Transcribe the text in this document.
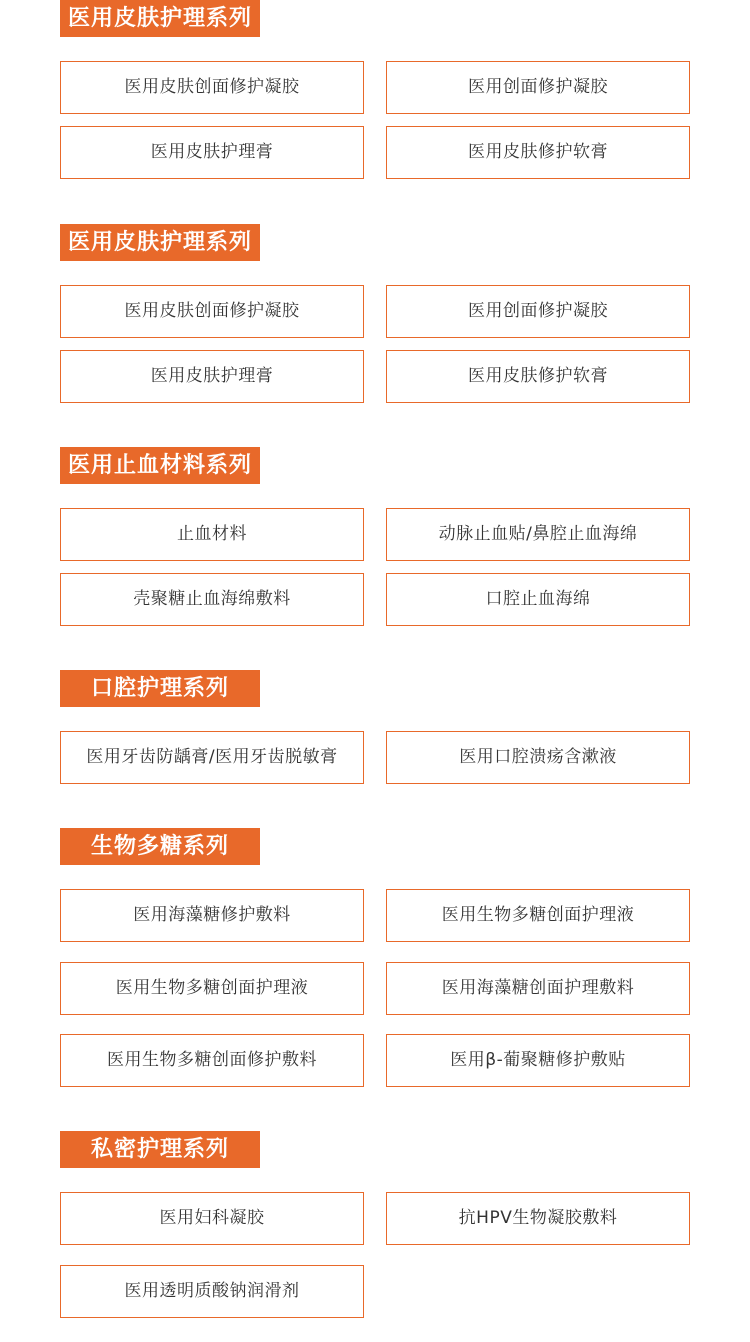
医用皮肤护理系列
医用皮肤创面修护凝胶	医用创面修护凝胶
医用皮肤护理膏	医用皮肤修护软膏
医用皮肤护理系列
医用皮肤创面修护凝胶	医用创面修护凝胶
医用皮肤护理膏	医用皮肤修护软膏
医用止血材料系列
止血材料	动脉止血贴/鼻腔止血海绵
壳聚糖止血海绵敷料	口腔止血海绵
口腔护理系列
医用牙齿防龋膏/医用牙齿脱敏膏	医用口腔溃疡含漱液
生物多糖系列
医用海藻糖修护敷料	医用生物多糖创面护理液
医用生物多糖创面护理液	医用海藻糖创面护理敷料
医用生物多糖创面修护敷料	医用β-葡聚糖修护敷贴
私密护理系列
医用妇科凝胶	抗HPV生物凝胶敷料
医用透明质酸钠润滑剂
